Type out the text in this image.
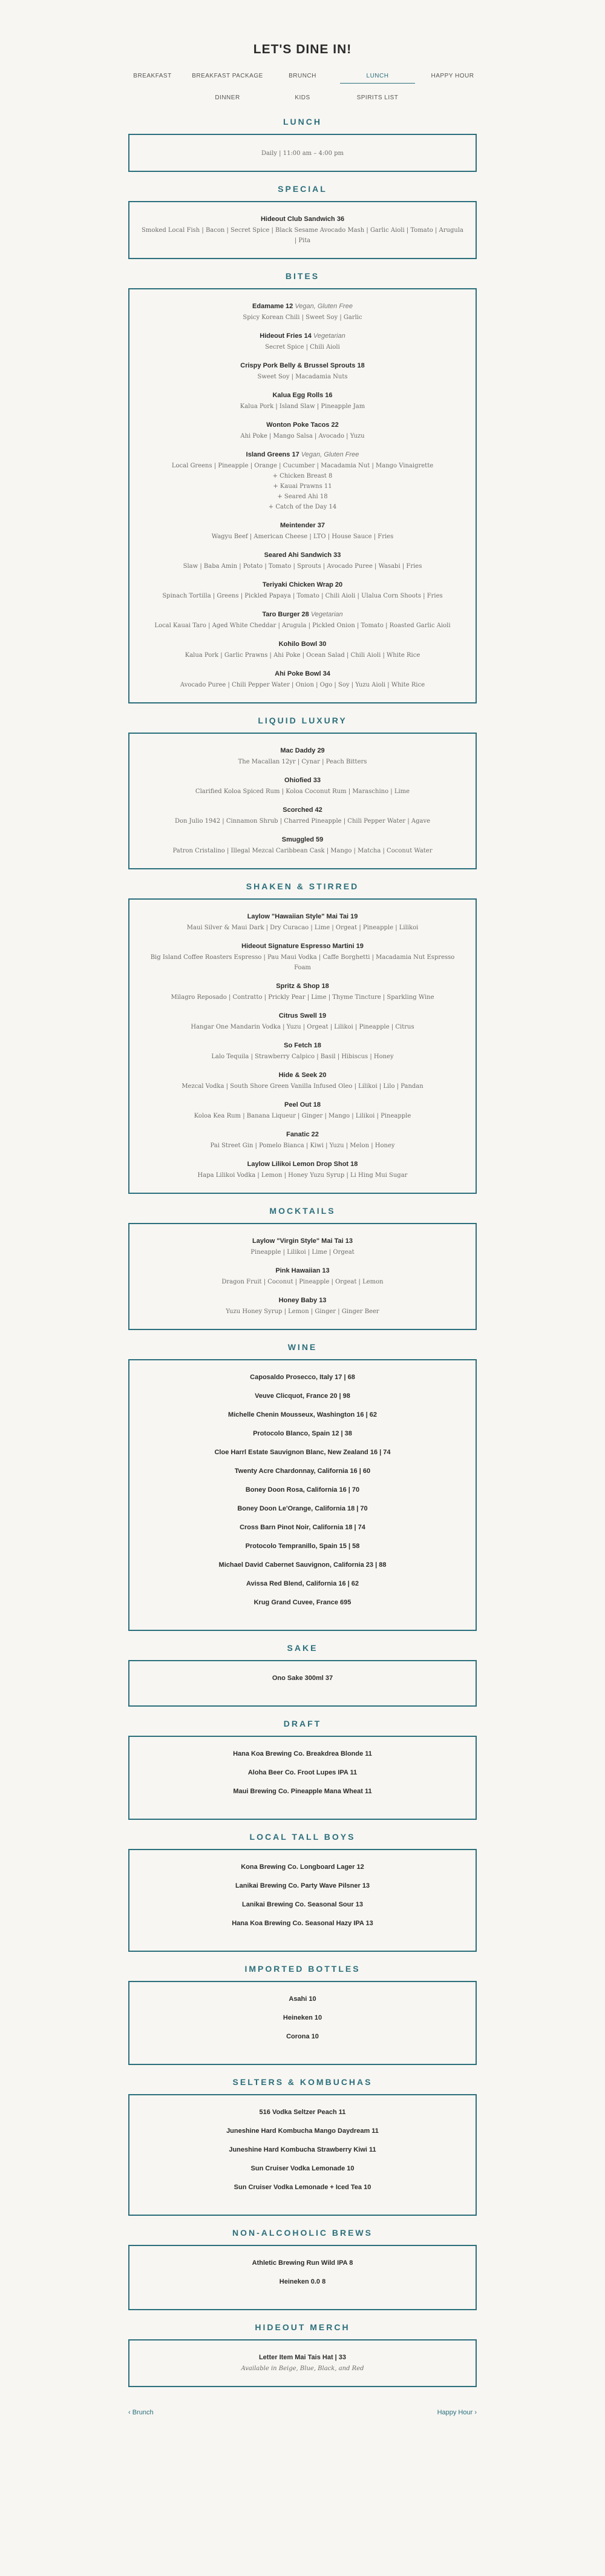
LET'S DINE IN!
BREAKFAST	BREAKFAST PACKAGE	BRUNCH	LUNCH	HAPPY HOUR
DINNER	KIDS	SPIRITS LIST
LUNCH
Daily | 11:00 am – 4:00 pm
SPECIAL
Hideout Club Sandwich 36
Smoked Local Fish | Bacon | Secret Spice | Black Sesame Avocado Mash | Garlic Aioli | Tomato | Arugula | Pita
BITES
Edamame 12 Vegan, Gluten Free
Spicy Korean Chili | Sweet Soy | Garlic
Hideout Fries 14 Vegetarian
Secret Spice | Chili Aioli
Crispy Pork Belly & Brussel Sprouts 18
Sweet Soy | Macadamia Nuts
Kalua Egg Rolls 16
Kalua Pork | Island Slaw | Pineapple Jam
Wonton Poke Tacos 22
Ahi Poke | Mango Salsa | Avocado | Yuzu
Island Greens 17 Vegan, Gluten Free
Local Greens | Pineapple | Orange | Cucumber | Macadamia Nut | Mango Vinaigrette
+ Chicken Breast 8
+ Kauai Prawns 11
+ Seared Ahi 18
+ Catch of the Day 14
Meintender 37
Wagyu Beef | American Cheese | LTO | House Sauce | Fries
Seared Ahi Sandwich 33
Slaw | Baba Amin | Potato | Tomato | Sprouts | Avocado Puree | Wasabi | Fries
Teriyaki Chicken Wrap 20
Spinach Tortilla | Greens | Pickled Papaya | Tomato | Chili Aioli | Ulalua Corn Shoots | Fries
Taro Burger 28 Vegetarian
Local Kauai Taro | Aged White Cheddar | Arugula | Pickled Onion | Tomato | Roasted Garlic Aioli
Kohilo Bowl 30
Kalua Pork | Garlic Prawns | Ahi Poke | Ocean Salad | Chili Aioli | White Rice
Ahi Poke Bowl 34
Avocado Puree | Chili Pepper Water | Onion | Ogo | Soy | Yuzu Aioli | White Rice
LIQUID LUXURY
Mac Daddy 29
The Macallan 12yr | Cynar | Peach Bitters
Ohiofied 33
Clarified Koloa Spiced Rum | Koloa Coconut Rum | Maraschino | Lime
Scorched 42
Don Julio 1942 | Cinnamon Shrub | Charred Pineapple | Chili Pepper Water | Agave
Smuggled 59
Patron Cristalino | Illegal Mezcal Caribbean Cask | Mango | Matcha | Coconut Water
SHAKEN & STIRRED
Laylow "Hawaiian Style" Mai Tai 19
Maui Silver & Maui Dark | Dry Curacao | Lime | Orgeat | Pineapple | Lilikoi
Hideout Signature Espresso Martini 19
Big Island Coffee Roasters Espresso | Pau Maui Vodka | Caffe Borghetti | Macadamia Nut Espresso Foam
Spritz & Shop 18
Milagro Reposado | Contratto | Prickly Pear | Lime | Thyme Tincture | Sparkling Wine
Citrus Swell 19
Hangar One Mandarin Vodka | Yuzu | Orgeat | Lilikoi | Pineapple | Citrus
So Fetch 18
Lalo Tequila | Strawberry Calpico | Basil | Hibiscus | Honey
Hide & Seek 20
Mezcal Vodka | South Shore Green Vanilla Infused Oleo | Lilikoi | Lilo | Pandan
Peel Out 18
Koloa Kea Rum | Banana Liqueur | Ginger | Mango | Lilikoi | Pineapple
Fanatic 22
Pai Street Gin | Pomelo Bianca | Kiwi | Yuzu | Melon | Honey
Laylow Lilikoi Lemon Drop Shot 18
Hapa Lilikoi Vodka | Lemon | Honey Yuzu Syrup | Li Hing Mui Sugar
MOCKTAILS
Laylow "Virgin Style" Mai Tai 13
Pineapple | Lilikoi | Lime | Orgeat
Pink Hawaiian 13
Dragon Fruit | Coconut | Pineapple | Orgeat | Lemon
Honey Baby 13
Yuzu Honey Syrup | Lemon | Ginger | Ginger Beer
WINE
Caposaldo Prosecco, Italy 17 | 68
Veuve Clicquot, France 20 | 98
Michelle Chenin Mousseux, Washington 16 | 62
Protocolo Blanco, Spain 12 | 38
Cloe Harrl Estate Sauvignon Blanc, New Zealand 16 | 74
Twenty Acre Chardonnay, California 16 | 60
Boney Doon Rosa, California 16 | 70
Boney Doon Le'Orange, California 18 | 70
Cross Barn Pinot Noir, California 18 | 74
Protocolo Tempranillo, Spain 15 | 58
Michael David Cabernet Sauvignon, California 23 | 88
Avissa Red Blend, California 16 | 62
Krug Grand Cuvee, France 695
SAKE
Ono Sake 300ml 37
DRAFT
Hana Koa Brewing Co. Breakdrea Blonde 11
Aloha Beer Co. Froot Lupes IPA 11
Maui Brewing Co. Pineapple Mana Wheat 11
LOCAL TALL BOYS
Kona Brewing Co. Longboard Lager 12
Lanikai Brewing Co. Party Wave Pilsner 13
Lanikai Brewing Co. Seasonal Sour 13
Hana Koa Brewing Co. Seasonal Hazy IPA 13
IMPORTED BOTTLES
Asahi 10
Heineken 10
Corona 10
SELTERS & KOMBUCHAS
516 Vodka Seltzer Peach 11
Juneshine Hard Kombucha Mango Daydream 11
Juneshine Hard Kombucha Strawberry Kiwi 11
Sun Cruiser Vodka Lemonade 10
Sun Cruiser Vodka Lemonade + Iced Tea 10
NON-ALCOHOLIC BREWS
Athletic Brewing Run Wild IPA 8
Heineken 0.0 8
HIDEOUT MERCH
Letter Item Mai Tais Hat | 33
Available in Beige, Blue, Black, and Red
‹ Brunch	Happy Hour ›
